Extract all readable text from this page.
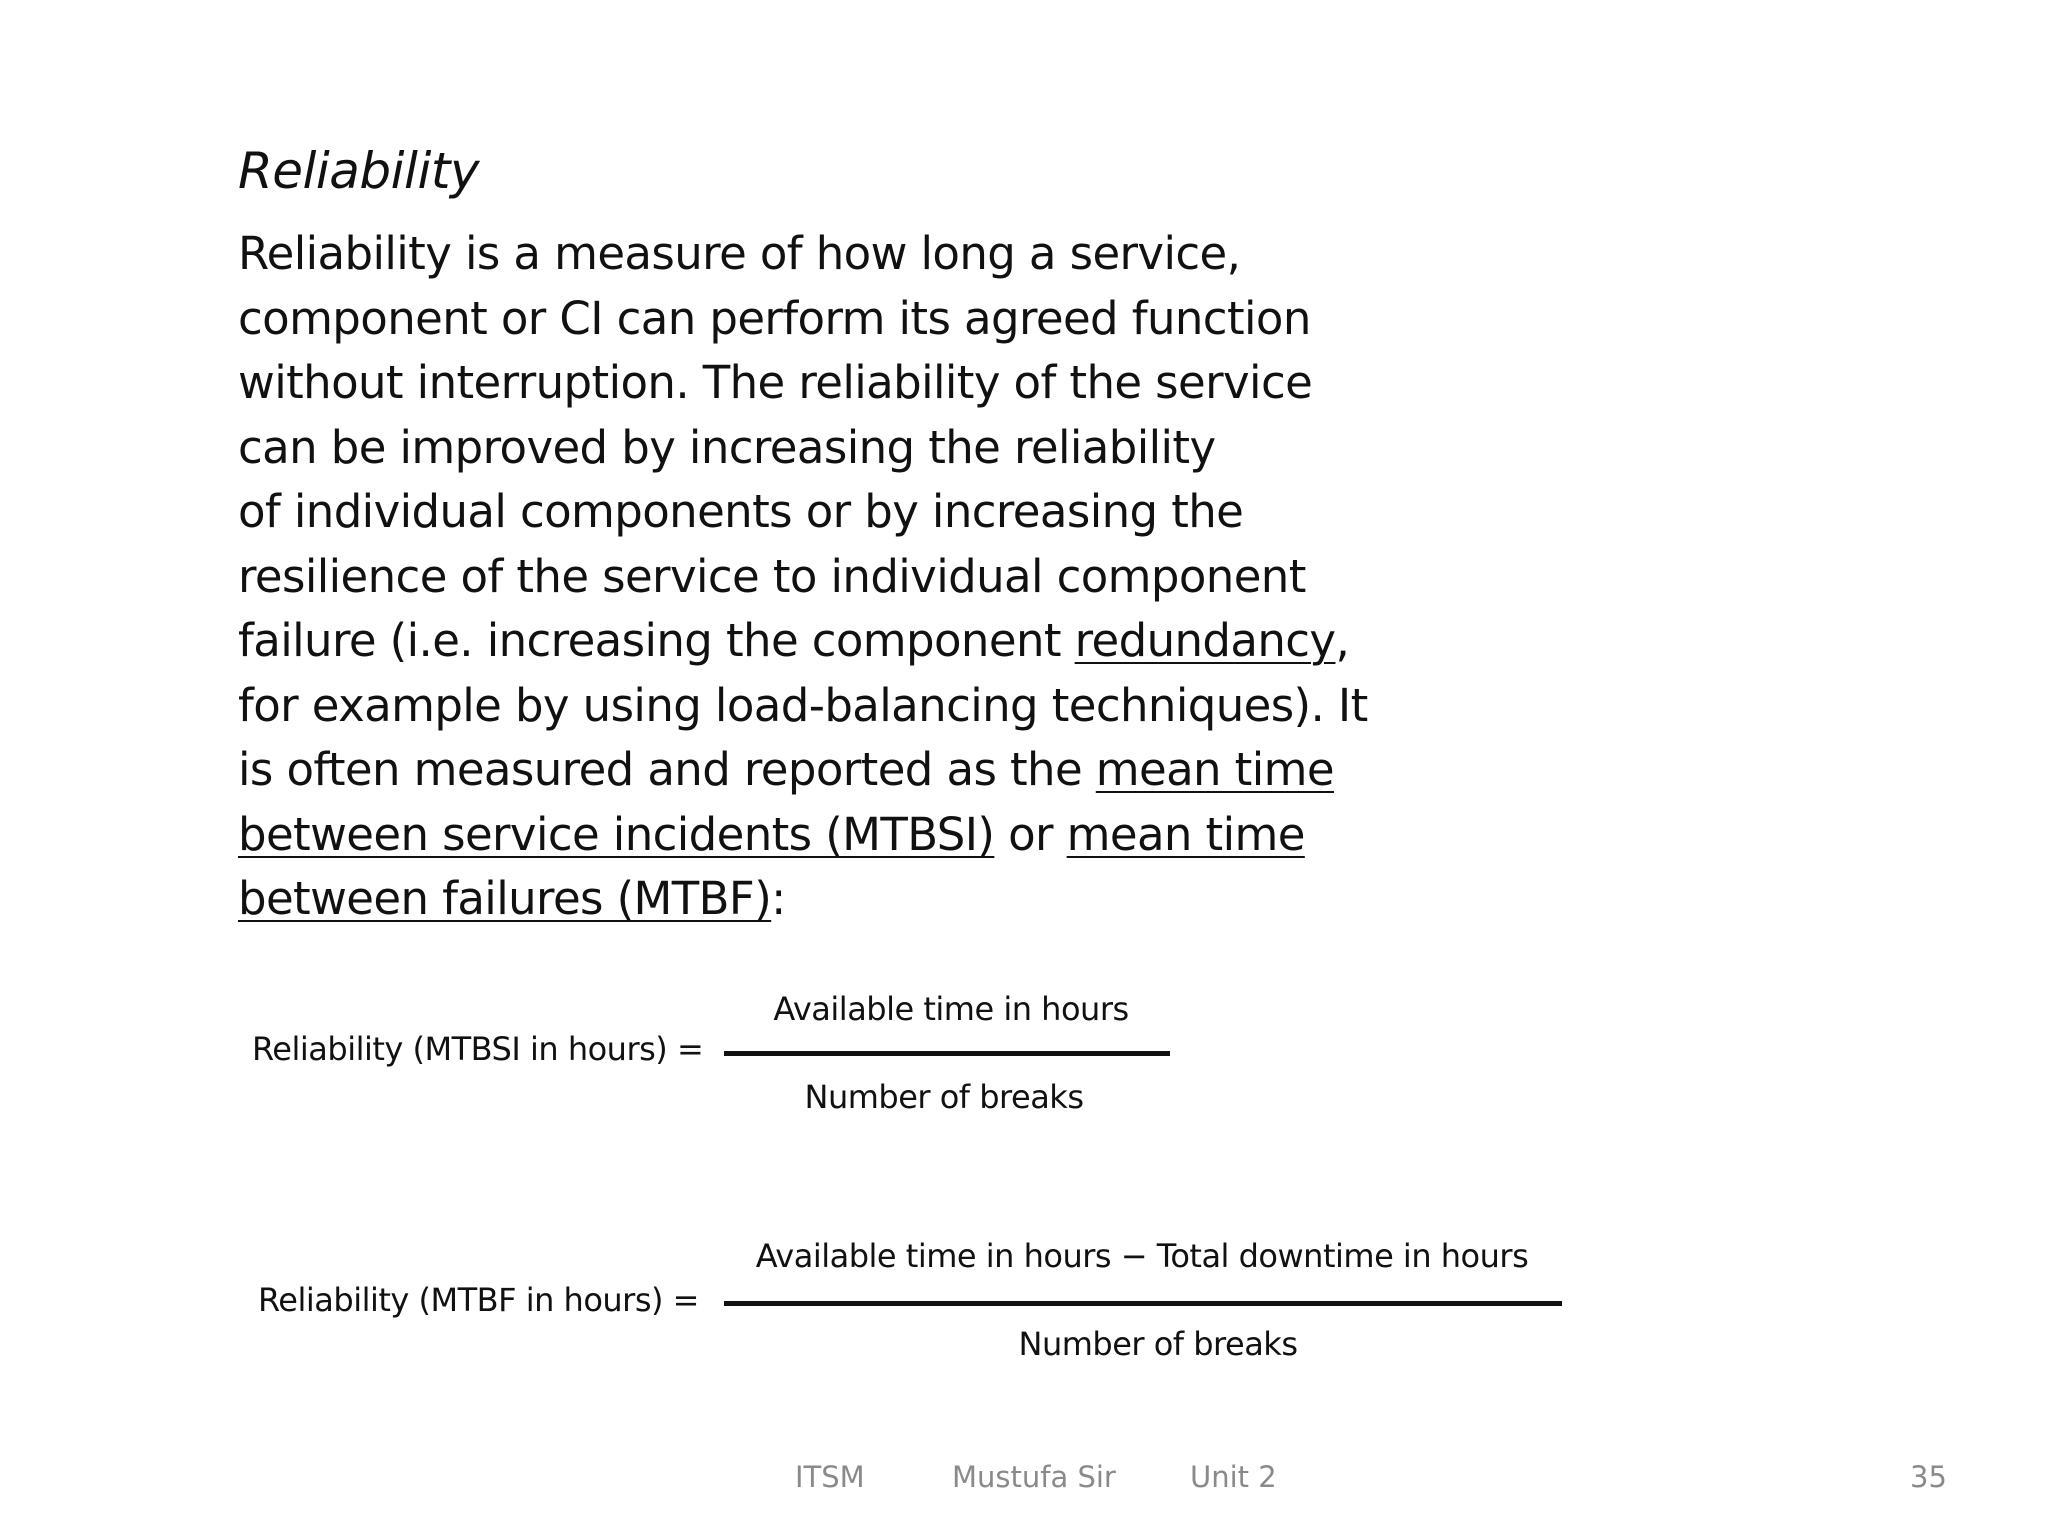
Reliability

Reliability is a measure of how long a service,
component or CI can perform its agreed function
without interruption. The reliability of the service
can be improved by increasing the reliability
of individual components or by increasing the
resilience of the service to individual component
failure (i.e. increasing the component redundancy,
for example by using load-balancing techniques). It
is often measured and reported as the mean time
between service incidents (MTBSI) or mean time
between failures (MTBF):

Reliability (MTBSI in hours) =
Available time in hours
Number of breaks
Reliability (MTBF in hours) =
Available time in hours − Total downtime in hours
Number of breaks
ITSM	Mustufa Sir	Unit 2	35
